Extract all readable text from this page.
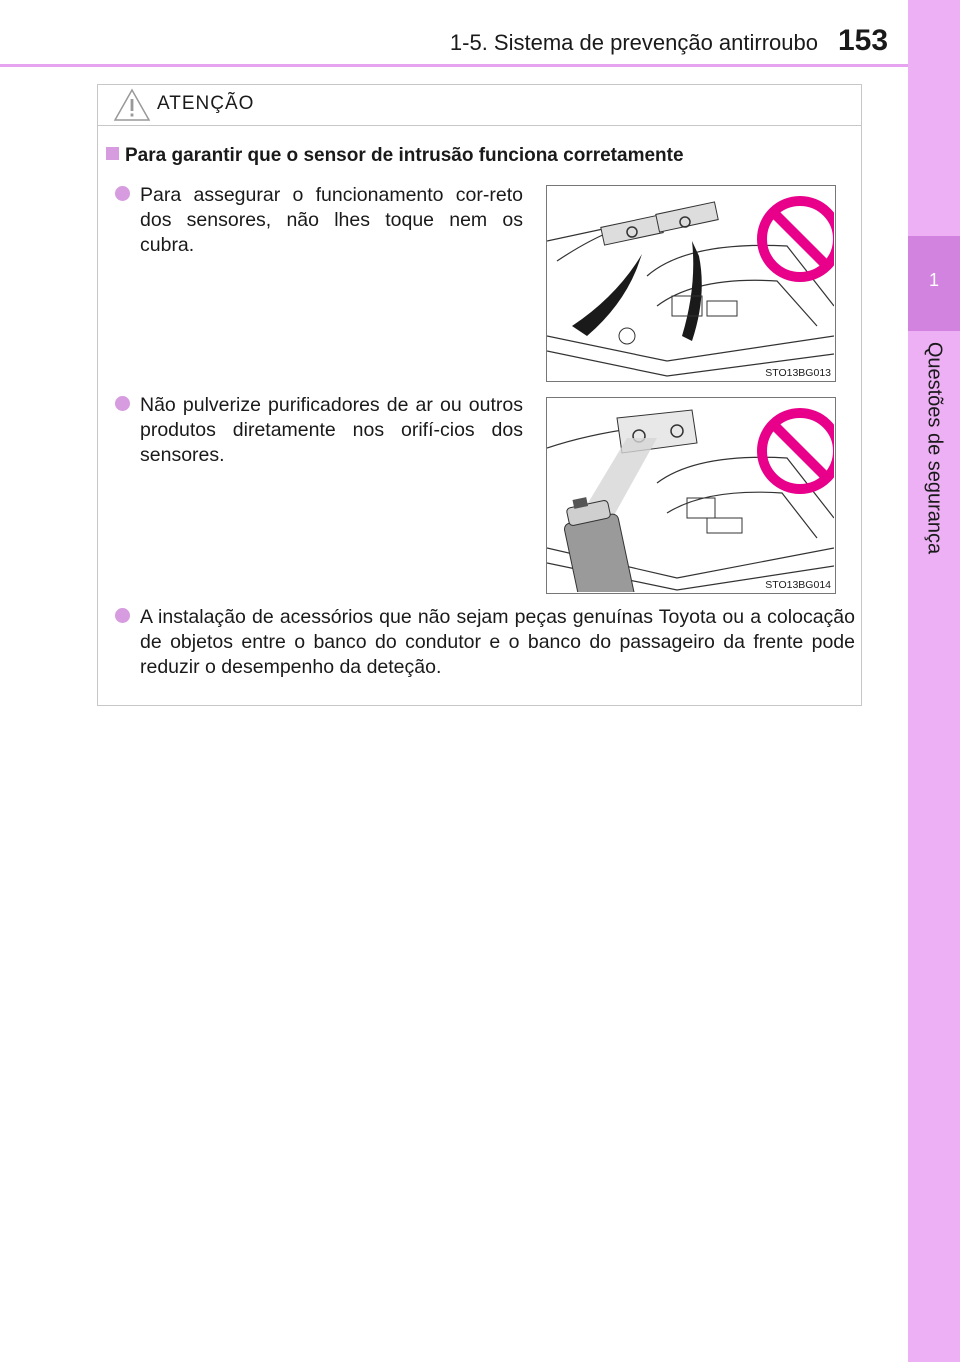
1-5. Sistema de prevenção antirroubo 153
1
Questões de segurança
ATENÇÃO
Para garantir que o sensor de intrusão funciona corretamente
Para assegurar o funcionamento cor-reto dos sensores, não lhes toque nem os cubra.
STO13BG013
Não pulverize purificadores de ar ou outros produtos diretamente nos orifí-cios dos sensores.
STO13BG014
A instalação de acessórios que não sejam peças genuínas Toyota ou a colocação de objetos entre o banco do condutor e o banco do passageiro da frente pode reduzir o desempenho da deteção.
